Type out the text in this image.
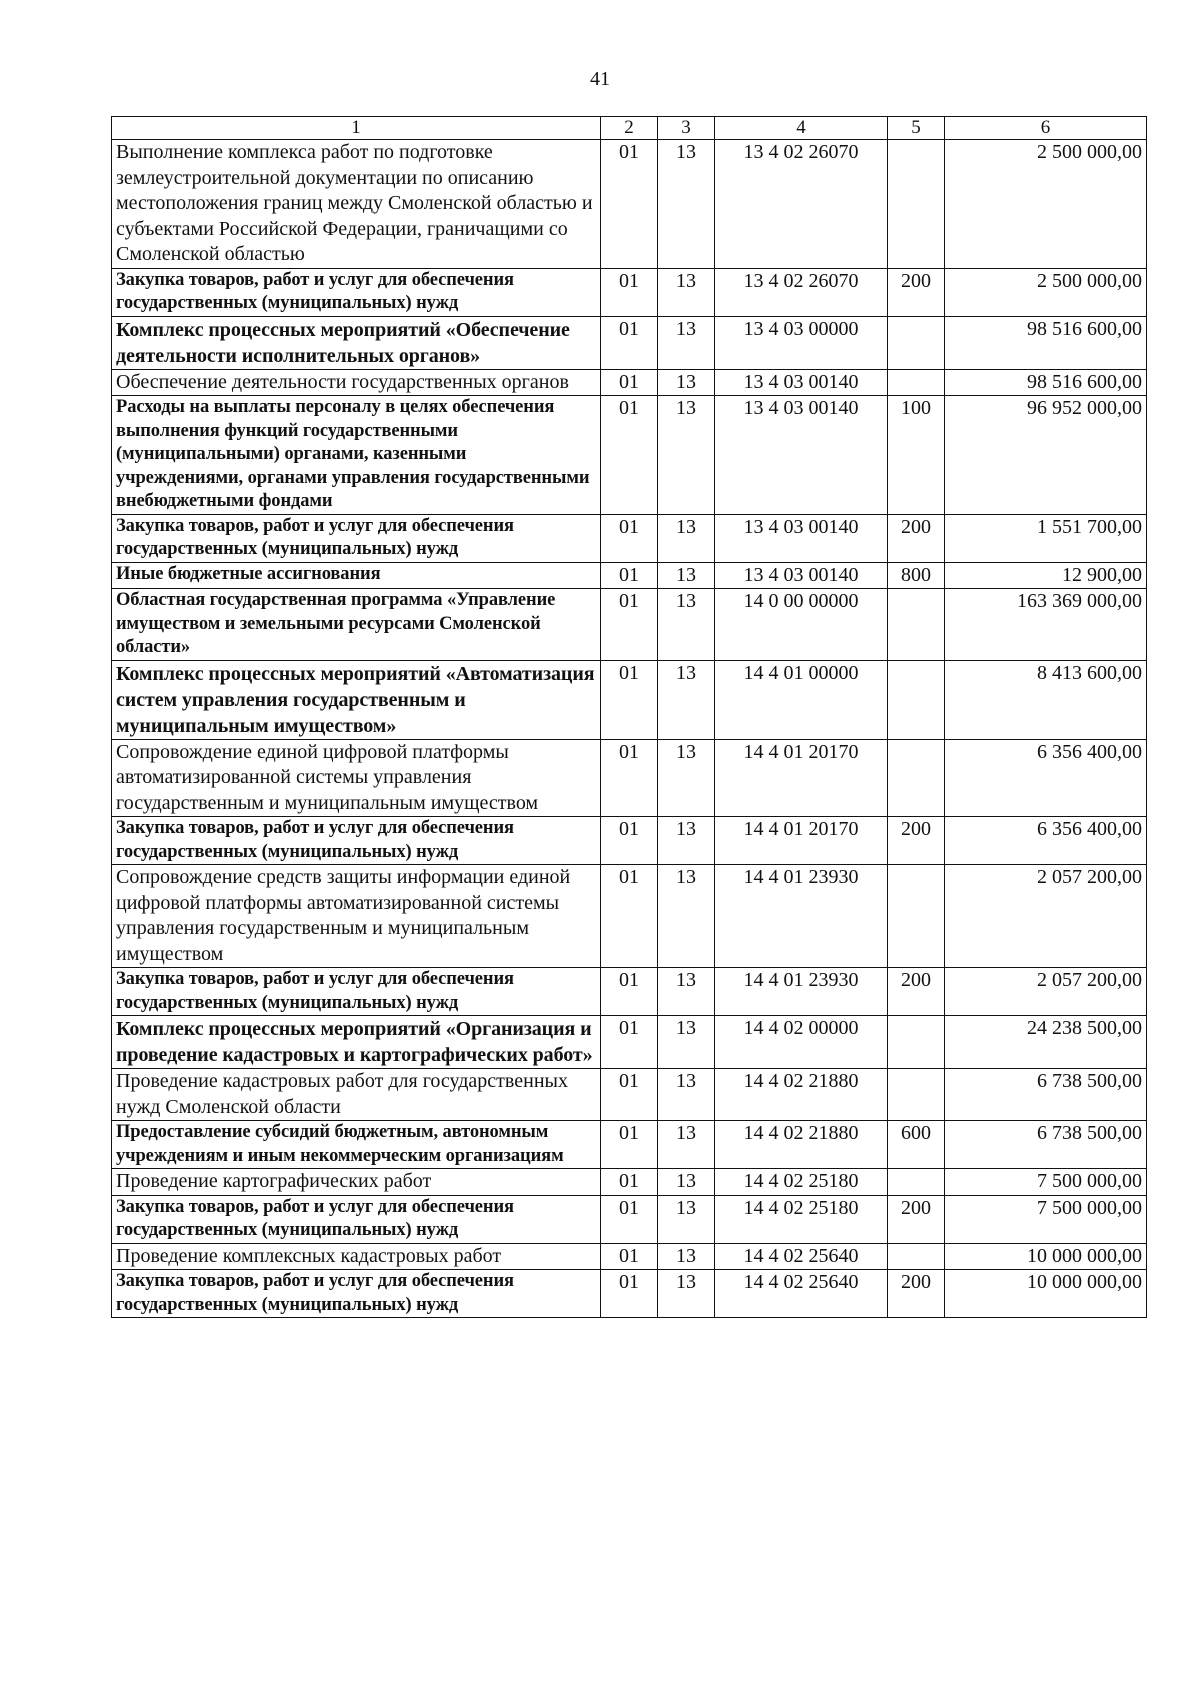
41
1	2	3	4	5	6
Выполнение комплекса работ по подготовке землеустроительной документации по описанию местоположения границ между Смоленской областью и субъектами Российской Федерации, граничащими со Смоленской областью	01	13	13 4 02 26070		2 500 000,00
Закупка товаров, работ и услуг для обеспечения государственных (муниципальных) нужд	01	13	13 4 02 26070	200	2 500 000,00
Комплекс процессных мероприятий «Обеспечение деятельности исполнительных органов»	01	13	13 4 03 00000		98 516 600,00
Обеспечение деятельности государственных органов	01	13	13 4 03 00140		98 516 600,00
Расходы на выплаты персоналу в целях обеспечения выполнения функций государственными (муниципальными) органами, казенными учреждениями, органами управления государственными внебюджетными фондами	01	13	13 4 03 00140	100	96 952 000,00
Закупка товаров, работ и услуг для обеспечения государственных (муниципальных) нужд	01	13	13 4 03 00140	200	1 551 700,00
Иные бюджетные ассигнования	01	13	13 4 03 00140	800	12 900,00
Областная государственная программа «Управление имуществом и земельными ресурсами Смоленской области»	01	13	14 0 00 00000		163 369 000,00
Комплекс процессных мероприятий «Автоматизация систем управления государственным и муниципальным имуществом»	01	13	14 4 01 00000		8 413 600,00
Сопровождение единой цифровой платформы автоматизированной системы управления государственным и муниципальным имуществом	01	13	14 4 01 20170		6 356 400,00
Закупка товаров, работ и услуг для обеспечения государственных (муниципальных) нужд	01	13	14 4 01 20170	200	6 356 400,00
Сопровождение средств защиты информации единой цифровой платформы автоматизированной системы управления государственным и муниципальным имуществом	01	13	14 4 01 23930		2 057 200,00
Закупка товаров, работ и услуг для обеспечения государственных (муниципальных) нужд	01	13	14 4 01 23930	200	2 057 200,00
Комплекс процессных мероприятий «Организация и проведение кадастровых и картографических работ»	01	13	14 4 02 00000		24 238 500,00
Проведение кадастровых работ для государственных нужд Смоленской области	01	13	14 4 02 21880		6 738 500,00
Предоставление субсидий бюджетным, автономным учреждениям и иным некоммерческим организациям	01	13	14 4 02 21880	600	6 738 500,00
Проведение картографических работ	01	13	14 4 02 25180		7 500 000,00
Закупка товаров, работ и услуг для обеспечения государственных (муниципальных) нужд	01	13	14 4 02 25180	200	7 500 000,00
Проведение комплексных кадастровых работ	01	13	14 4 02 25640		10 000 000,00
Закупка товаров, работ и услуг для обеспечения государственных (муниципальных) нужд	01	13	14 4 02 25640	200	10 000 000,00
